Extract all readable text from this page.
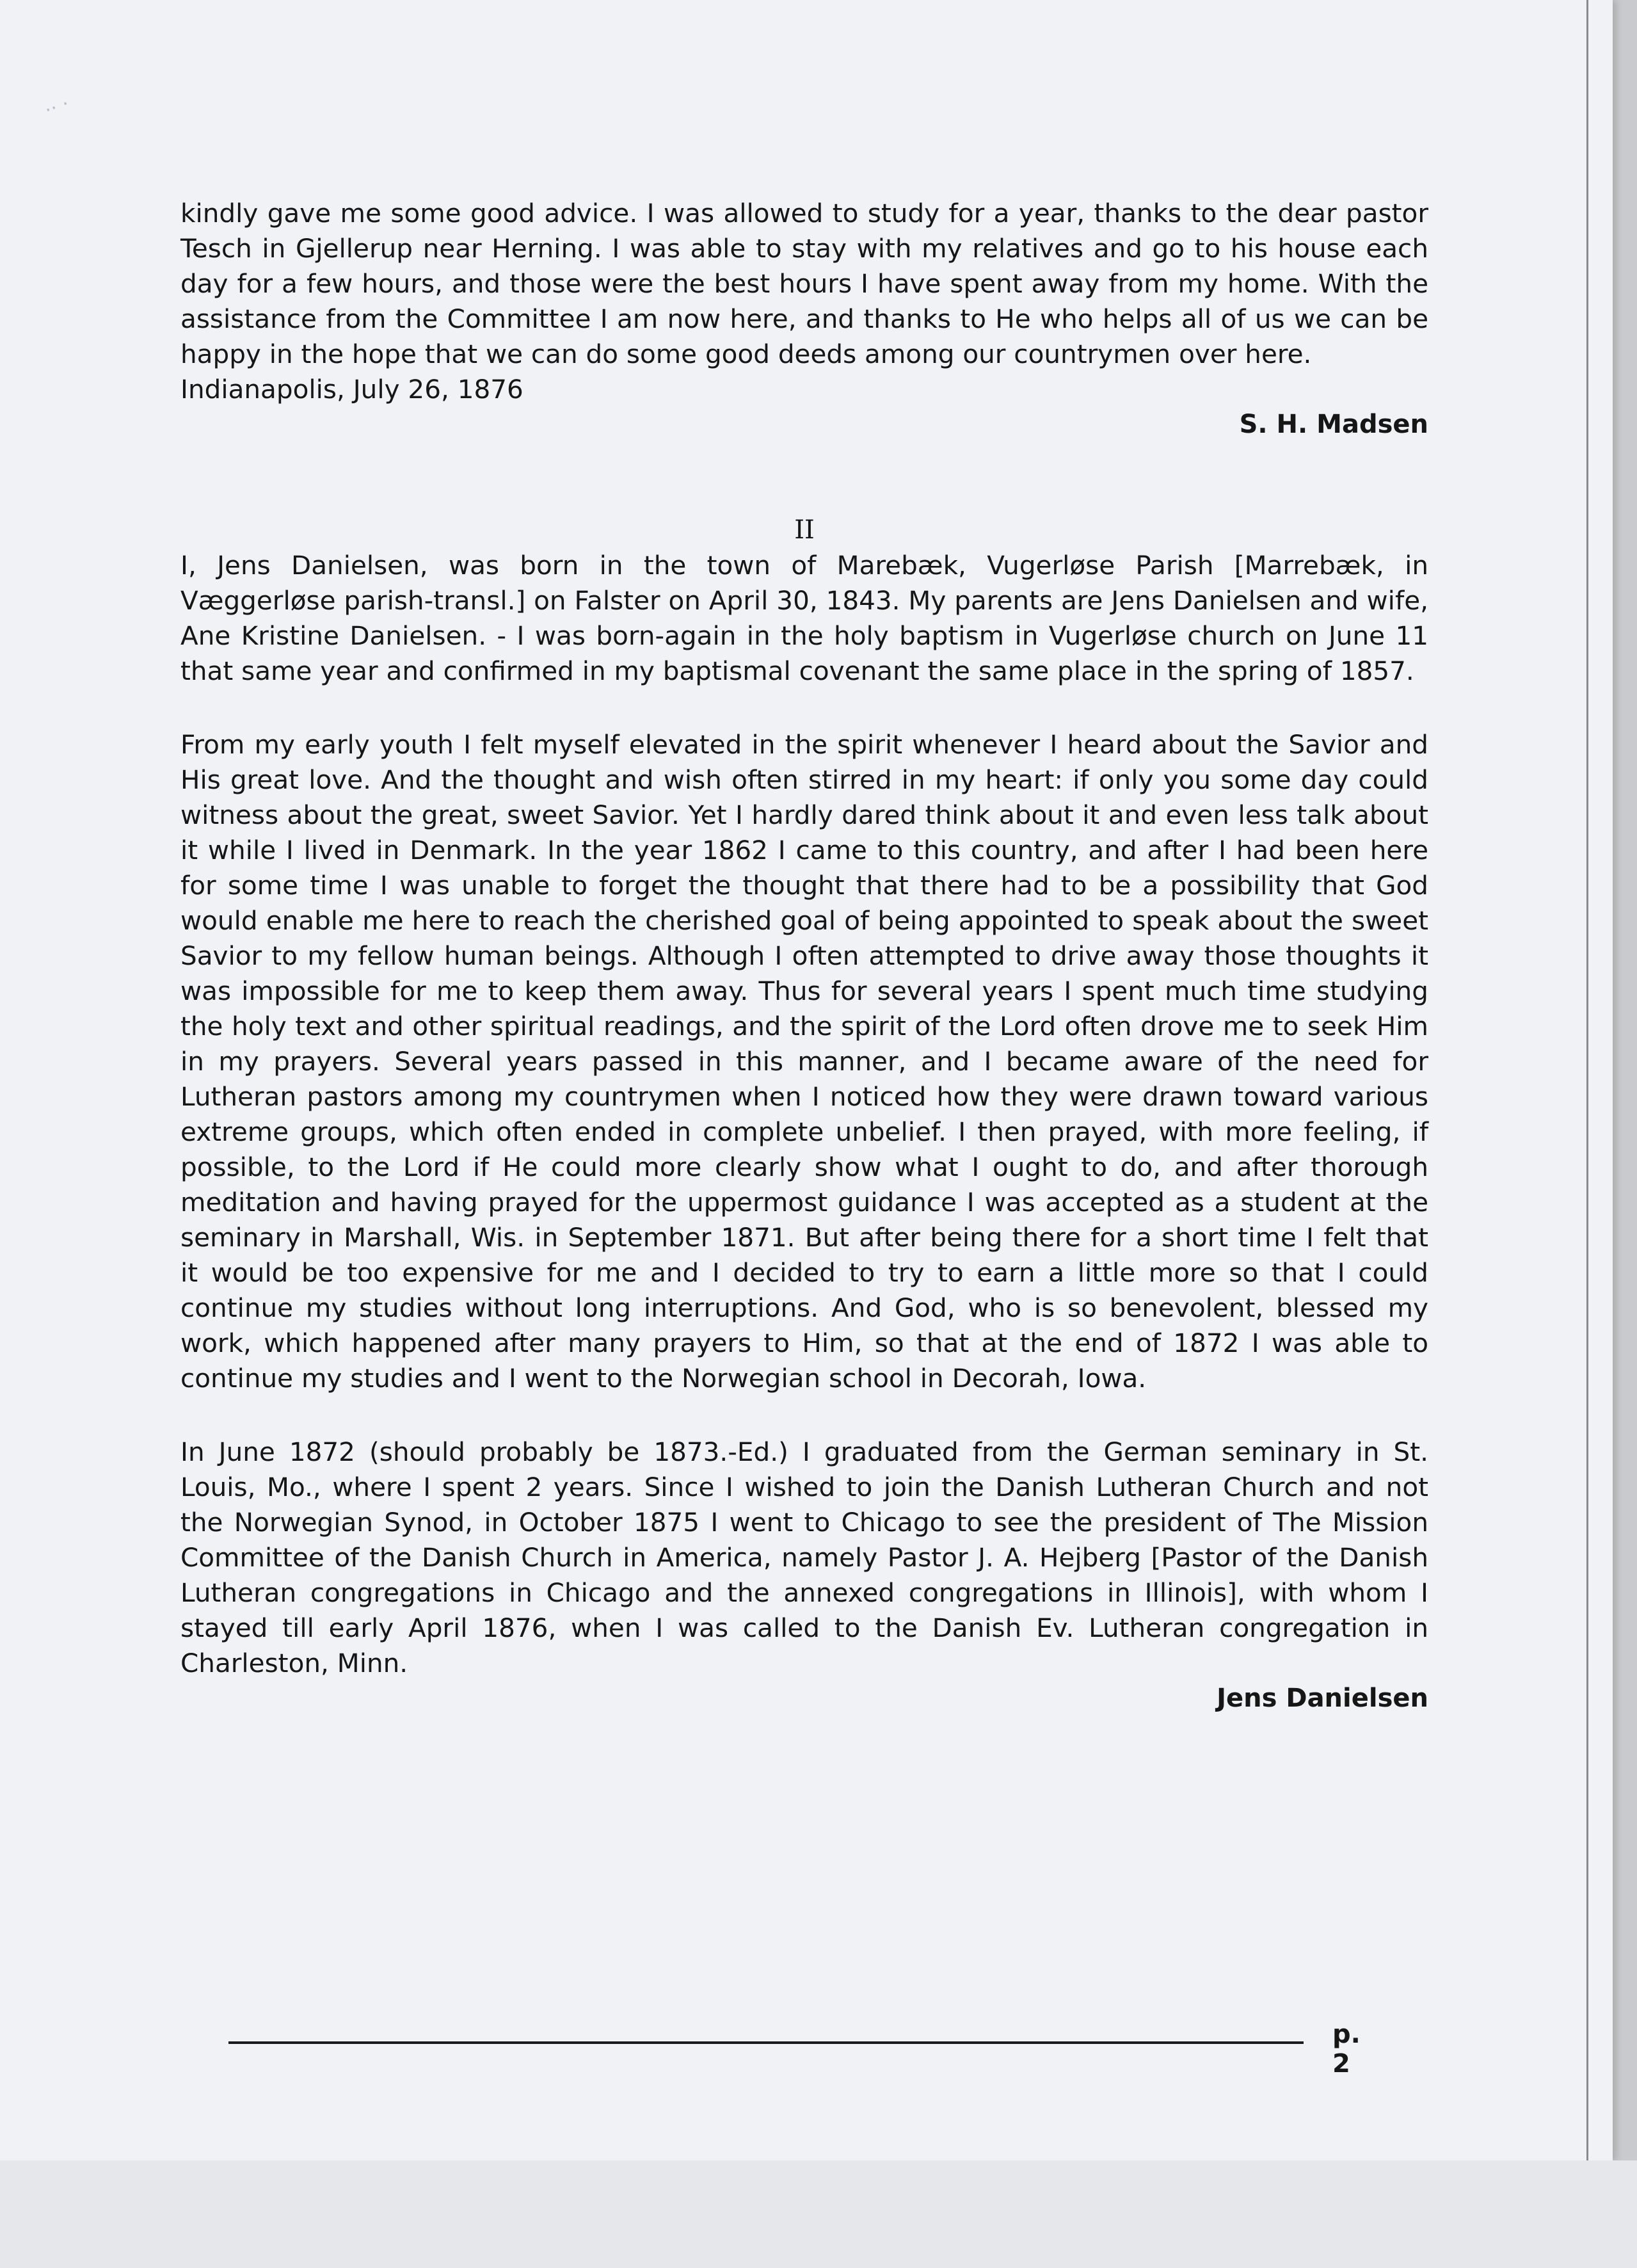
·· ·

kindly gave me some good advice. I was allowed to study for a year, thanks to the dear pastor Tesch in Gjellerup near Herning. I was able to stay with my relatives and go to his house each day for a few hours, and those were the best hours I have spent away from my home. With the assistance from the Committee I am now here, and thanks to He who helps all of us we can be happy in the hope that we can do some good deeds among our countrymen over here.

Indianapolis, July 26, 1876

S. H. Madsen

II

I, Jens Danielsen, was born in the town of Marebæk, Vugerløse Parish [Marrebæk, in Væggerløse parish-transl.] on Falster on April 30, 1843. My parents are Jens Danielsen and wife, Ane Kristine Danielsen. - I was born-again in the holy baptism in Vugerløse church on June 11 that same year and confirmed in my baptismal covenant the same place in the spring of 1857.

From my early youth I felt myself elevated in the spirit whenever I heard about the Savior and His great love. And the thought and wish often stirred in my heart: if only you some day could witness about the great, sweet Savior. Yet I hardly dared think about it and even less talk about it while I lived in Denmark. In the year 1862 I came to this country, and after I had been here for some time I was unable to forget the thought that there had to be a possibility that God would enable me here to reach the cherished goal of being appointed to speak about the sweet Savior to my fellow human beings. Although I often attempted to drive away those thoughts it was impossible for me to keep them away. Thus for several years I spent much time studying the holy text and other spiritual readings, and the spirit of the Lord often drove me to seek Him in my prayers. Several years passed in this manner, and I became aware of the need for Lutheran pastors among my countrymen when I noticed how they were drawn toward various extreme groups, which often ended in complete unbelief. I then prayed, with more feeling, if possible, to the Lord if He could more clearly show what I ought to do, and after thorough meditation and having prayed for the uppermost guidance I was accepted as a student at the seminary in Marshall, Wis. in September 1871. But after being there for a short time I felt that it would be too expensive for me and I decided to try to earn a little more so that I could continue my studies without long interruptions. And God, who is so benevolent, blessed my work, which happened after many prayers to Him, so that at the end of 1872 I was able to continue my studies and I went to the Norwegian school in Decorah, Iowa.

In June 1872 (should probably be 1873.-Ed.) I graduated from the German seminary in St. Louis, Mo., where I spent 2 years. Since I wished to join the Danish Lutheran Church and not the Norwegian Synod, in October 1875 I went to Chicago to see the president of The Mission Committee of the Danish Church in America, namely Pastor J. A. Hejberg [Pastor of the Danish Lutheran congregations in Chicago and the annexed congregations in Illinois], with whom I stayed till early April 1876, when I was called to the Danish Ev. Lutheran congregation in Charleston, Minn.

Jens Danielsen

p. 2
